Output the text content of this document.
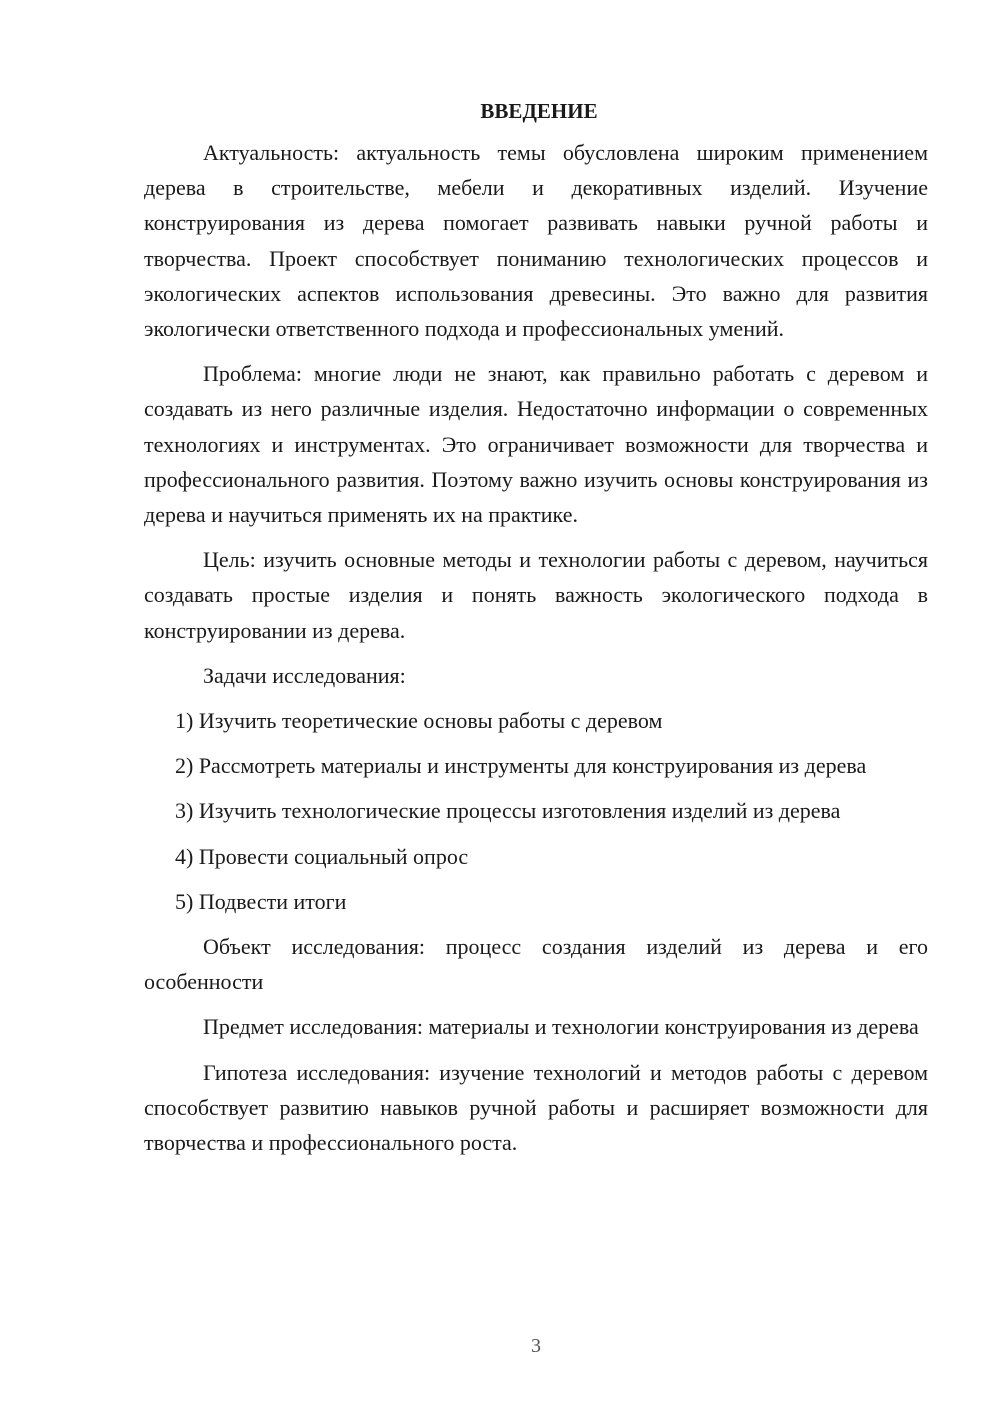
ВВЕДЕНИЕ

Актуальность: актуальность темы обусловлена широким применением дерева в строительстве, мебели и декоративных изделий. Изучение конструирования из дерева помогает развивать навыки ручной работы и творчества. Проект способствует пониманию технологических процессов и экологических аспектов использования древесины. Это важно для развития экологически ответственного подхода и профессиональных умений.

Проблема: многие люди не знают, как правильно работать с деревом и создавать из него различные изделия. Недостаточно информации о современных технологиях и инструментах. Это ограничивает возможности для творчества и профессионального развития. Поэтому важно изучить основы конструирования из дерева и научиться применять их на практике.

Цель: изучить основные методы и технологии работы с деревом, научиться создавать простые изделия и понять важность экологического подхода в конструировании из дерева.

Задачи исследования:

1) Изучить теоретические основы работы с деревом

2) Рассмотреть материалы и инструменты для конструирования из дерева

3) Изучить технологические процессы изготовления изделий из дерева

4) Провести социальный опрос

5) Подвести итоги

Объект исследования: процесс создания изделий из дерева и его особенности

Предмет исследования: материалы и технологии конструирования из дерева

Гипотеза исследования: изучение технологий и методов работы с деревом способствует развитию навыков ручной работы и расширяет возможности для творчества и профессионального роста.

3
